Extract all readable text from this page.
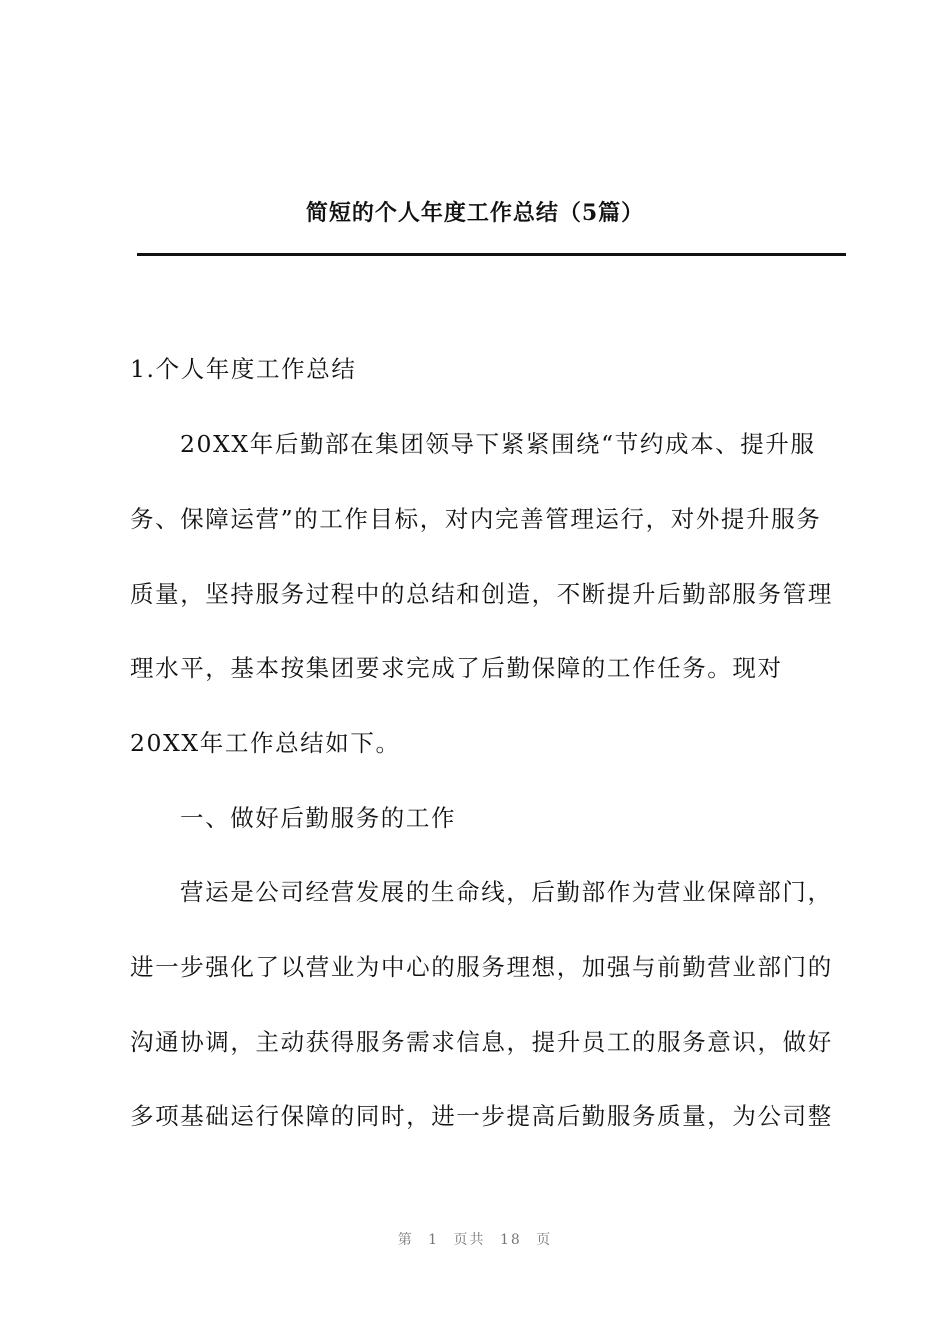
简短的个人年度工作总结（5篇）
1.个人年度工作总结
20XX年后勤部在集团领导下紧紧围绕“节约成本、提升服
务、保障运营”的工作目标，对内完善管理运行，对外提升服务
质量，坚持服务过程中的总结和创造，不断提升后勤部服务管理
理水平，基本按集团要求完成了后勤保障的工作任务。现对
20XX年工作总结如下。
一、做好后勤服务的工作
营运是公司经营发展的生命线，后勤部作为营业保障部门，
进一步强化了以营业为中心的服务理想，加强与前勤营业部门的
沟通协调，主动获得服务需求信息，提升员工的服务意识，做好
多项基础运行保障的同时，进一步提高后勤服务质量，为公司整
第 1 页共 18 页
